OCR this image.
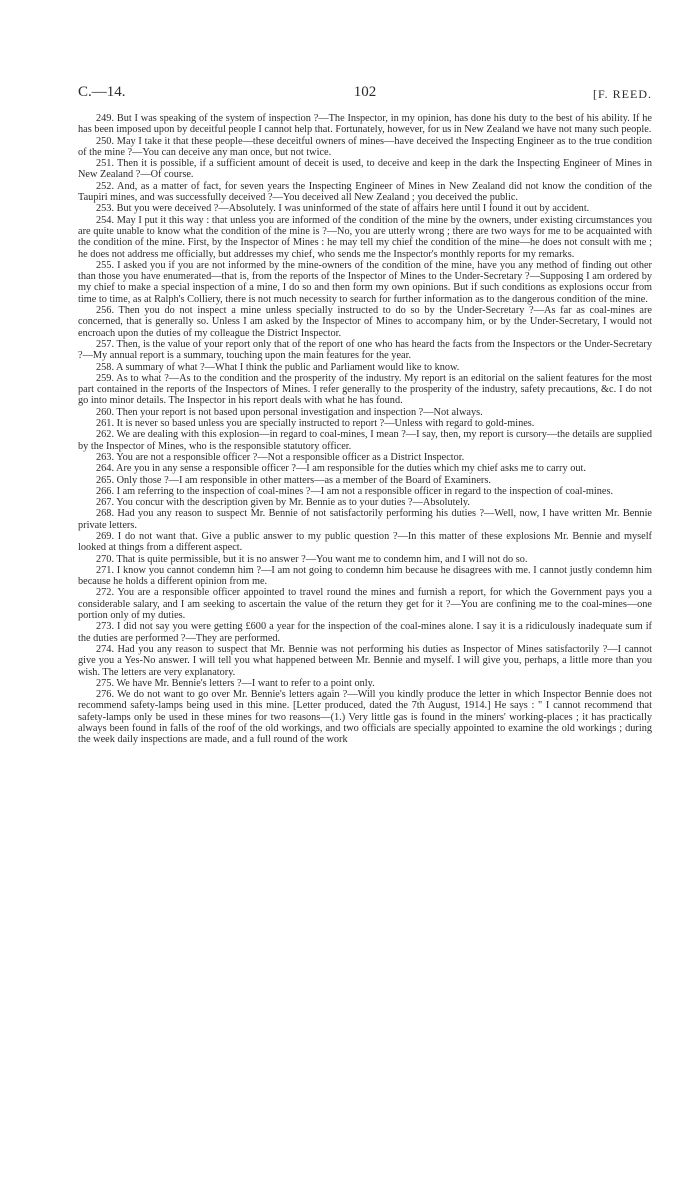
C.—14.	102	[F. REED.

249. But I was speaking of the system of inspection ?—The Inspector, in my opinion, has done his duty to the best of his ability. If he has been imposed upon by deceitful people I cannot help that. Fortunately, however, for us in New Zealand we have not many such people.

250. May I take it that these people—these deceitful owners of mines—have deceived the Inspecting Engineer as to the true condition of the mine ?—You can deceive any man once, but not twice.

251. Then it is possible, if a sufficient amount of deceit is used, to deceive and keep in the dark the Inspecting Engineer of Mines in New Zealand ?—Of course.

252. And, as a matter of fact, for seven years the Inspecting Engineer of Mines in New Zealand did not know the condition of the Taupiri mines, and was successfully deceived ?—You deceived all New Zealand ; you deceived the public.

253. But you were deceived ?—Absolutely. I was uninformed of the state of affairs here until I found it out by accident.

254. May I put it this way : that unless you are informed of the condition of the mine by the owners, under existing circumstances you are quite unable to know what the condition of the mine is ?—No, you are utterly wrong ; there are two ways for me to be acquainted with the condition of the mine. First, by the Inspector of Mines : he may tell my chief the condition of the mine—he does not consult with me ; he does not address me officially, but addresses my chief, who sends me the Inspector's monthly reports for my remarks.

255. I asked you if you are not informed by the mine-owners of the condition of the mine, have you any method of finding out other than those you have enumerated—that is, from the reports of the Inspector of Mines to the Under-Secretary ?—Supposing I am ordered by my chief to make a special inspection of a mine, I do so and then form my own opinions. But if such conditions as explosions occur from time to time, as at Ralph's Colliery, there is not much necessity to search for further information as to the dangerous condition of the mine.

256. Then you do not inspect a mine unless specially instructed to do so by the Under-Secretary ?—As far as coal-mines are concerned, that is generally so. Unless I am asked by the Inspector of Mines to accompany him, or by the Under-Secretary, I would not encroach upon the duties of my colleague the District Inspector.

257. Then, is the value of your report only that of the report of one who has heard the facts from the Inspectors or the Under-Secretary ?—My annual report is a summary, touching upon the main features for the year.

258. A summary of what ?—What I think the public and Parliament would like to know.

259. As to what ?—As to the condition and the prosperity of the industry. My report is an editorial on the salient features for the most part contained in the reports of the Inspectors of Mines. I refer generally to the prosperity of the industry, safety precautions, &c. I do not go into minor details. The Inspector in his report deals with what he has found.

260. Then your report is not based upon personal investigation and inspection ?—Not always.

261. It is never so based unless you are specially instructed to report ?—Unless with regard to gold-mines.

262. We are dealing with this explosion—in regard to coal-mines, I mean ?—I say, then, my report is cursory—the details are supplied by the Inspector of Mines, who is the responsible statutory officer.

263. You are not a responsible officer ?—Not a responsible officer as a District Inspector.

264. Are you in any sense a responsible officer ?—I am responsible for the duties which my chief asks me to carry out.

265. Only those ?—I am responsible in other matters—as a member of the Board of Examiners.

266. I am referring to the inspection of coal-mines ?—I am not a responsible officer in regard to the inspection of coal-mines.

267. You concur with the description given by Mr. Bennie as to your duties ?—Absolutely.

268. Had you any reason to suspect Mr. Bennie of not satisfactorily performing his duties ?—Well, now, I have written Mr. Bennie private letters.

269. I do not want that. Give a public answer to my public question ?—In this matter of these explosions Mr. Bennie and myself looked at things from a different aspect.

270. That is quite permissible, but it is no answer ?—You want me to condemn him, and I will not do so.

271. I know you cannot condemn him ?—I am not going to condemn him because he disagrees with me. I cannot justly condemn him because he holds a different opinion from me.

272. You are a responsible officer appointed to travel round the mines and furnish a report, for which the Government pays you a considerable salary, and I am seeking to ascertain the value of the return they get for it ?—You are confining me to the coal-mines—one portion only of my duties.

273. I did not say you were getting £600 a year for the inspection of the coal-mines alone. I say it is a ridiculously inadequate sum if the duties are performed ?—They are performed.

274. Had you any reason to suspect that Mr. Bennie was not performing his duties as Inspector of Mines satisfactorily ?—I cannot give you a Yes-No answer. I will tell you what happened between Mr. Bennie and myself. I will give you, perhaps, a little more than you wish. The letters are very explanatory.

275. We have Mr. Bennie's letters ?—I want to refer to a point only.

276. We do not want to go over Mr. Bennie's letters again ?—Will you kindly produce the letter in which Inspector Bennie does not recommend safety-lamps being used in this mine. [Letter produced, dated the 7th August, 1914.] He says : " I cannot recommend that safety-lamps only be used in these mines for two reasons—(1.) Very little gas is found in the miners' working-places ; it has practically always been found in falls of the roof of the old workings, and two officials are specially appointed to examine the old workings ; during the week daily inspections are made, and a full round of the work
